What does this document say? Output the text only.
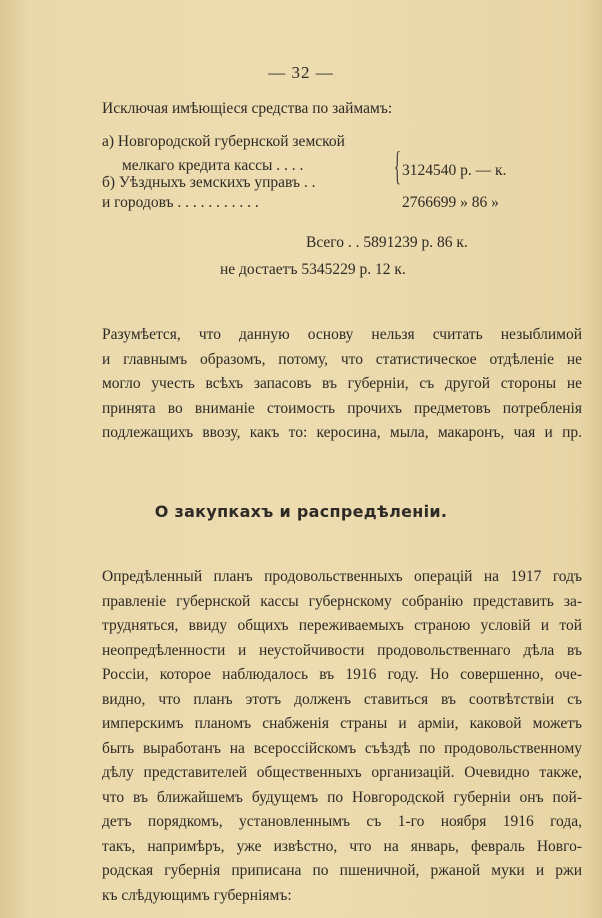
— 32 —
Исключая имѣющіеся средства по займамъ:
а) Новгородской губернской земской
мелкаго кредита кассы . . . .
б) Уѣздныхъ земскихъ управъ . .
и городовъ . . . . . . . . . . .
{ 3124540 р. — к.
2766699 » 86 »
Всего . . 5891239 р. 86 к.
не достаетъ 5345229 р. 12 к.
Разумѣется, что данную основу нельзя считать незыблимой
и главнымъ образомъ, потому, что статистическое отдѣленіе не
могло учесть всѣхъ запасовъ въ губерніи, съ другой стороны не
принята во вниманіе стоимость прочихъ предметовъ потребленія
подлежащихъ ввозу, какъ то: керосина, мыла, макаронъ, чая и пр.
О закупкахъ и распредѣленіи.
Опредѣленный планъ продовольственныхъ операцій на 1917 годъ
правленіе губернской кассы губернскому собранію представить за-
трудняться, ввиду общихъ переживаемыхъ страною условій и той
неопредѣленности и неустойчивости продовольственнаго дѣла въ
Россіи, которое наблюдалось въ 1916 году. Но совершенно, оче-
видно, что планъ этотъ долженъ ставиться въ соотвѣтствіи съ
имперскимъ планомъ снабженія страны и арміи, каковой можетъ
быть выработанъ на всероссійскомъ съѣздѣ по продовольственному
дѣлу представителей общественныхъ организацій. Очевидно также,
что въ ближайшемъ будущемъ по Новгородской губерніи онъ пой-
детъ порядкомъ, установленнымъ съ 1-го ноября 1916 года,
такъ, напримѣръ, уже извѣстно, что на январь, февраль Новго-
родская губернія приписана по пшеничной, ржаной муки и ржи
къ слѣдующимъ губерніямъ:
